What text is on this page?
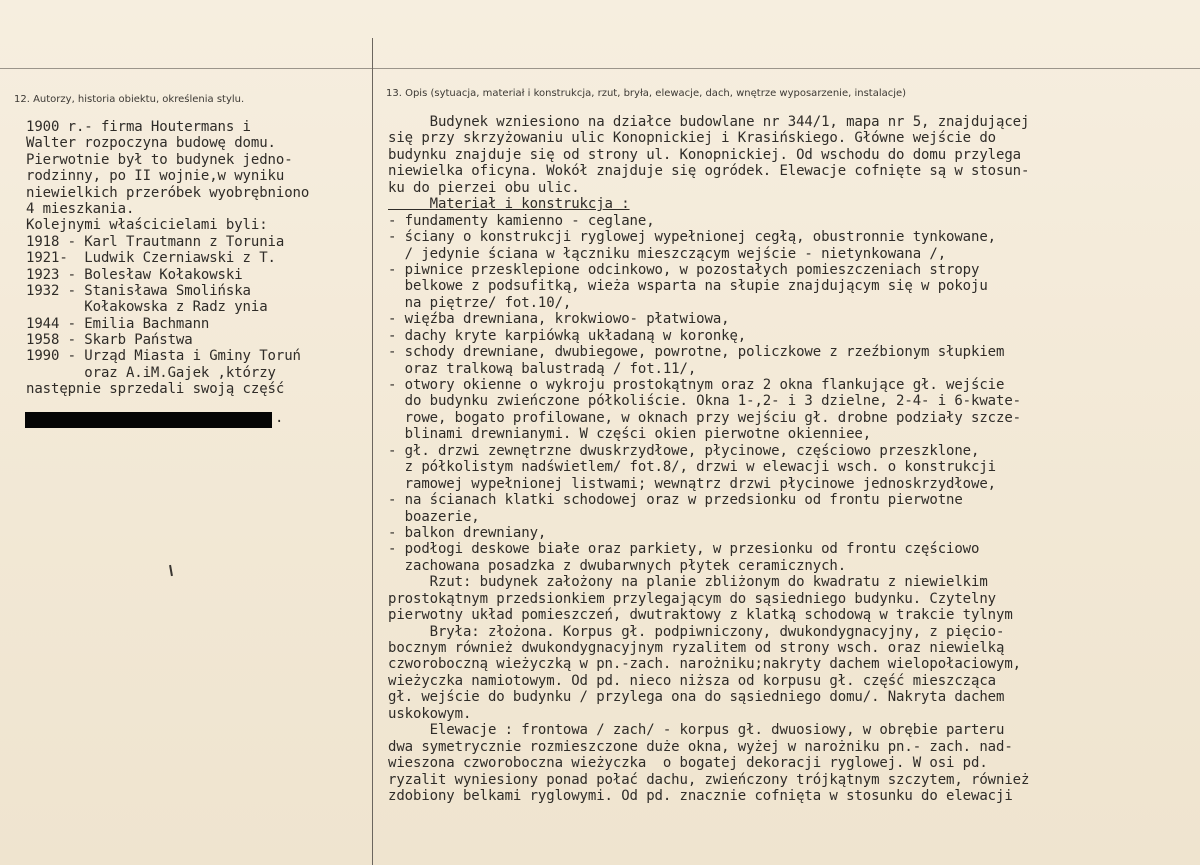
12. Autorzy, historia obiektu, określenia stylu.
13. Opis (sytuacja, materiał i konstrukcja, rzut, bryła, elewacje, dach, wnętrze wyposarzenie, instalacje)
1900 r.- firma Houtermans i
Walter rozpoczyna budowę domu.
Pierwotnie był to budynek jedno-
rodzinny, po II wojnie,w wyniku
niewielkich przeróbek wyobrębniono
4 mieszkania.
Kolejnymi właścicielami byli:
1918 - Karl Trautmann z Torunia
1921-  Ludwik Czerniawski z T.
1923 - Bolesław Kołakowski
1932 - Stanisława Smolińska
Kołakowska z Radz ynia
1944 - Emilia Bachmann
1958 - Skarb Państwa
1990 - Urząd Miasta i Gminy Toruń
oraz A.iM.Gajek ,którzy
następnie sprzedali swoją część
.
Budynek wzniesiono na działce budowlane nr 344/1, mapa nr 5, znajdującej
się przy skrzyżowaniu ulic Konopnickiej i Krasińskiego. Główne wejście do
budynku znajduje się od strony ul. Konopnickiej. Od wschodu do domu przylega
niewielka oficyna. Wokół znajduje się ogródek. Elewacje cofnięte są w stosun-
ku do pierzei obu ulic.
Materiał i konstrukcja :
- fundamenty kamienno - ceglane,
- ściany o konstrukcji ryglowej wypełnionej cegłą, obustronnie tynkowane,
/ jedynie ściana w łączniku mieszczącym wejście - nietynkowana /,
- piwnice przesklepione odcinkowo, w pozostałych pomieszczeniach stropy
belkowe z podsufitką, wieża wsparta na słupie znajdującym się w pokoju
na piętrze/ fot.10/,
- więźba drewniana, krokwiowo- płatwiowa,
- dachy kryte karpiówką układaną w koronkę,
- schody drewniane, dwubiegowe, powrotne, policzkowe z rzeźbionym słupkiem
oraz tralkową balustradą / fot.11/,
- otwory okienne o wykroju prostokątnym oraz 2 okna flankujące gł. wejście
do budynku zwieńczone półkoliście. Okna 1-,2- i 3 dzielne, 2-4- i 6-kwate-
rowe, bogato profilowane, w oknach przy wejściu gł. drobne podziały szcze-
blinami drewnianymi. W części okien pierwotne okienniee,
- gł. drzwi zewnętrzne dwuskrzydłowe, płycinowe, częściowo przeszklone,
z półkolistym nadświetlem/ fot.8/, drzwi w elewacji wsch. o konstrukcji
ramowej wypełnionej listwami; wewnątrz drzwi płycinowe jednoskrzydłowe,
- na ścianach klatki schodowej oraz w przedsionku od frontu pierwotne
boazerie,
- balkon drewniany,
- podłogi deskowe białe oraz parkiety, w przesionku od frontu częściowo
zachowana posadzka z dwubarwnych płytek ceramicznych.
Rzut: budynek założony na planie zbliżonym do kwadratu z niewielkim
prostokątnym przedsionkiem przylegającym do sąsiedniego budynku. Czytelny
pierwotny układ pomieszczeń, dwutraktowy z klatką schodową w trakcie tylnym
Bryła: złożona. Korpus gł. podpiwniczony, dwukondygnacyjny, z pięcio-
bocznym również dwukondygnacyjnym ryzalitem od strony wsch. oraz niewielką
czworoboczną wieżyczką w pn.-zach. narożniku;nakryty dachem wielopołaciowym,
wieżyczka namiotowym. Od pd. nieco niższa od korpusu gł. część mieszcząca
gł. wejście do budynku / przylega ona do sąsiedniego domu/. Nakryta dachem
uskokowym.
Elewacje : frontowa / zach/ - korpus gł. dwuosiowy, w obrębie parteru
dwa symetrycznie rozmieszczone duże okna, wyżej w narożniku pn.- zach. nad-
wieszona czworoboczna wieżyczka  o bogatej dekoracji ryglowej. W osi pd.
ryzalit wyniesiony ponad połać dachu, zwieńczony trójkątnym szczytem, również
zdobiony belkami ryglowymi. Od pd. znacznie cofnięta w stosunku do elewacji
